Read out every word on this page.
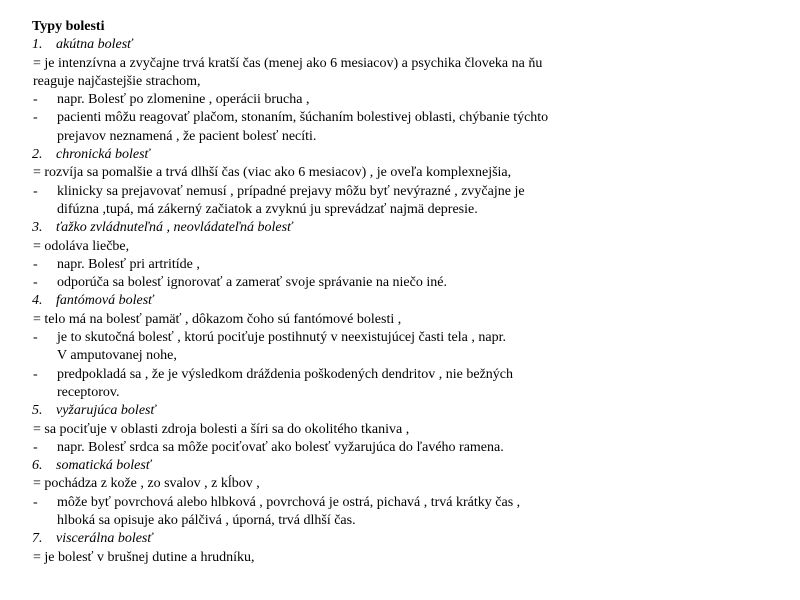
Typy bolesti
1. akútna bolesť
= je intenzívna a zvyčajne trvá kratší čas (menej ako 6 mesiacov) a psychika človeka na ňu
reaguje najčastejšie strachom,
-	napr. Bolesť po zlomenine , operácii brucha ,
-	pacienti môžu reagovať plačom, stonaním, šúchaním bolestivej oblasti, chýbanie týchto
prejavov neznamená , že pacient bolesť necíti.
2. chronická bolesť
= rozvíja sa pomalšie a trvá dlhší čas (viac ako 6 mesiacov) , je oveľa komplexnejšia,
-	klinicky sa prejavovať nemusí , prípadné prejavy môžu byť nevýrazné , zvyčajne je
difúzna ,tupá, má zákerný začiatok a zvyknú ju sprevádzať najmä depresie.
3. ťažko zvládnuteľná , neovládateľná bolesť
= odoláva liečbe,
-	napr. Bolesť pri artritíde ,
-	odporúča sa bolesť ignorovať a zamerať svoje správanie na niečo iné.
4. fantómová bolesť
= telo má na bolesť pamäť , dôkazom čoho sú fantómové bolesti ,
-	je to skutočná bolesť , ktorú pociťuje postihnutý v neexistujúcej časti tela , napr.
V amputovanej nohe,
-	predpokladá sa , že je výsledkom dráždenia poškodených dendritov , nie bežných
receptorov.
5. vyžarujúca bolesť
= sa pociťuje v oblasti zdroja bolesti a šíri sa do okolitého tkaniva ,
-	napr. Bolesť srdca sa môže pociťovať ako bolesť vyžarujúca do ľavého ramena.
6. somatická bolesť
= pochádza z kože , zo svalov , z kĺbov ,
-	môže byť povrchová alebo hlbková , povrchová je ostrá, pichavá , trvá krátky čas ,
hlboká sa opisuje ako pálčivá , úporná, trvá dlhší čas.
7. viscerálna bolesť
= je bolesť v brušnej dutine a hrudníku,
